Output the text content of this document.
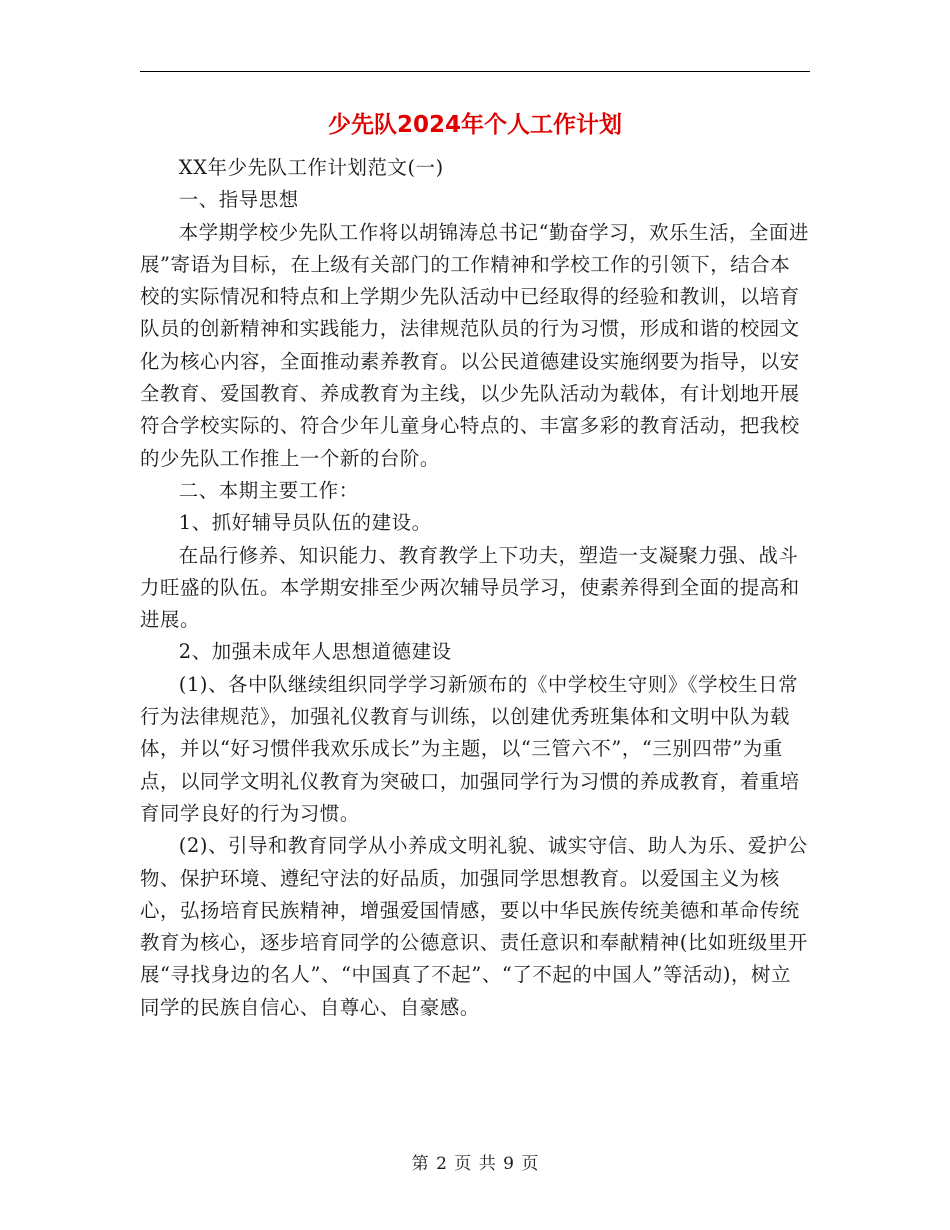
少先队2024年个人工作计划

XX年少先队工作计划范文(一)

一、指导思想

本学期学校少先队工作将以胡锦涛总书记“勤奋学习，欢乐生活，全面进展”寄语为目标，在上级有关部门的工作精神和学校工作的引领下，结合本校的实际情况和特点和上学期少先队活动中已经取得的经验和教训，以培育队员的创新精神和实践能力，法律规范队员的行为习惯，形成和谐的校园文化为核心内容，全面推动素养教育。以公民道德建设实施纲要为指导，以安全教育、爱国教育、养成教育为主线，以少先队活动为载体，有计划地开展符合学校实际的、符合少年儿童身心特点的、丰富多彩的教育活动，把我校的少先队工作推上一个新的台阶。

二、本期主要工作：

1、抓好辅导员队伍的建设。

在品行修养、知识能力、教育教学上下功夫，塑造一支凝聚力强、战斗力旺盛的队伍。本学期安排至少两次辅导员学习，使素养得到全面的提高和进展。

2、加强未成年人思想道德建设

(1)、各中队继续组织同学学习新颁布的《中学校生守则》《学校生日常行为法律规范》，加强礼仪教育与训练，以创建优秀班集体和文明中队为载体，并以“好习惯伴我欢乐成长”为主题，以“三管六不”，“三别四带”为重点，以同学文明礼仪教育为突破口，加强同学行为习惯的养成教育，着重培育同学良好的行为习惯。

(2)、引导和教育同学从小养成文明礼貌、诚实守信、助人为乐、爱护公物、保护环境、遵纪守法的好品质，加强同学思想教育。以爱国主义为核心，弘扬培育民族精神，增强爱国情感，要以中华民族传统美德和革命传统教育为核心，逐步培育同学的公德意识、责任意识和奉献精神(比如班级里开展“寻找身边的名人”、“中国真了不起”、“了不起的中国人”等活动)，树立同学的民族自信心、自尊心、自豪感。

第 2 页 共 9 页
